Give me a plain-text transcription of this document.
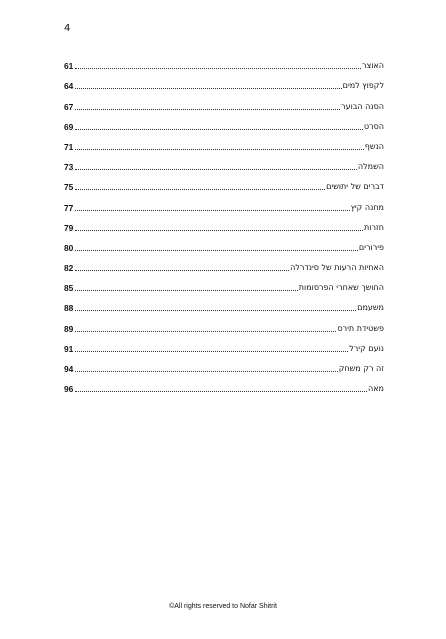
4
61	האוצר
64	לקפוץ למים
67	הסנה הבוער
69	הסרט
71	הנשף
73	השמלה
75	דברים של יתושים
77	מחנה קיץ
79	חזרות
80	פירורים
82	האחיות הרעות של סינדרלה
85	החושך שאחרי הפרסומות
88	משעמם
89	פשטידת תירס
91	נועם קירל
94	זה רק משחק
96	מאה
©All rights reserved to Nofar Shitrit
